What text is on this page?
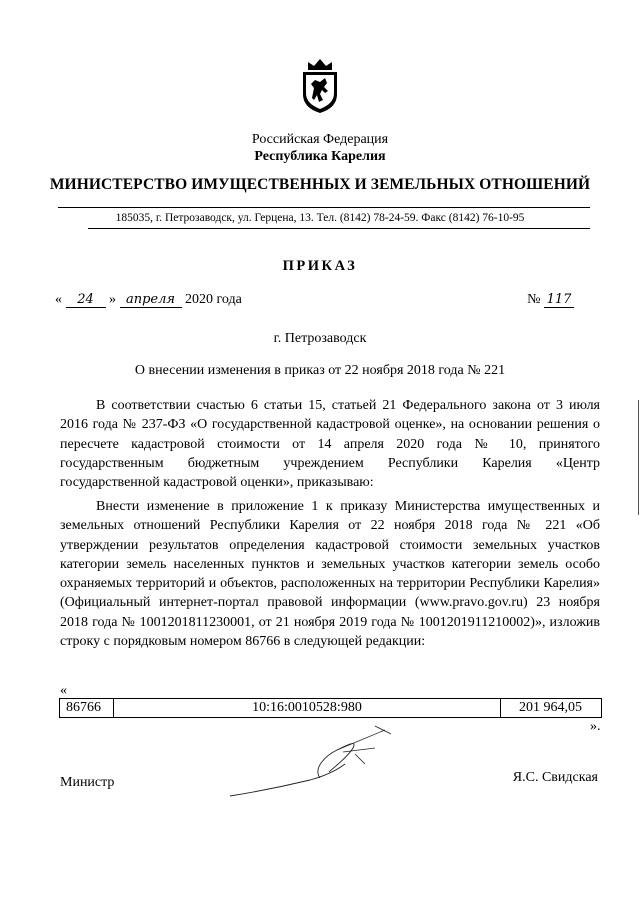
Российская Федерация
Республика Карелия
МИНИСТЕРСТВО ИМУЩЕСТВЕННЫХ И ЗЕМЕЛЬНЫХ ОТНОШЕНИЙ
185035, г. Петрозаводск, ул. Герцена, 13. Тел. (8142) 78-24-59. Факс (8142) 76-10-95
ПРИКАЗ
« 24 » апреля 2020 года	№ 117
г. Петрозаводск
О внесении изменения в приказ от 22 ноября 2018 года № 221

В соответствии счастью 6 статьи 15, статьей 21 Федерального закона от 3 июля 2016 года № 237-ФЗ «О государственной кадастровой оценке», на основании решения о пересчете кадастровой стоимости от 14 апреля 2020 года № 10, принятого государственным бюджетным учреждением Республики Карелия «Центр государственной кадастровой оценки», приказываю:

Внести изменение в приложение 1 к приказу Министерства имущественных и земельных отношений Республики Карелия от 22 ноября 2018 года № 221 «Об утверждении результатов определения кадастровой стоимости земельных участков категории земель населенных пунктов и земельных участков категории земель особо охраняемых территорий и объектов, расположенных на территории Республики Карелия» (Официальный интернет-портал правовой информации (www.pravo.gov.ru) 23 ноября 2018 года № 1001201811230001, от 21 ноября 2019 года № 1001201911210002)», изложив строку с порядковым номером 86766 в следующей редакции:

«
86766	10:16:0010528:980	201 964,05
».
Министр	Я.С. Свидская
